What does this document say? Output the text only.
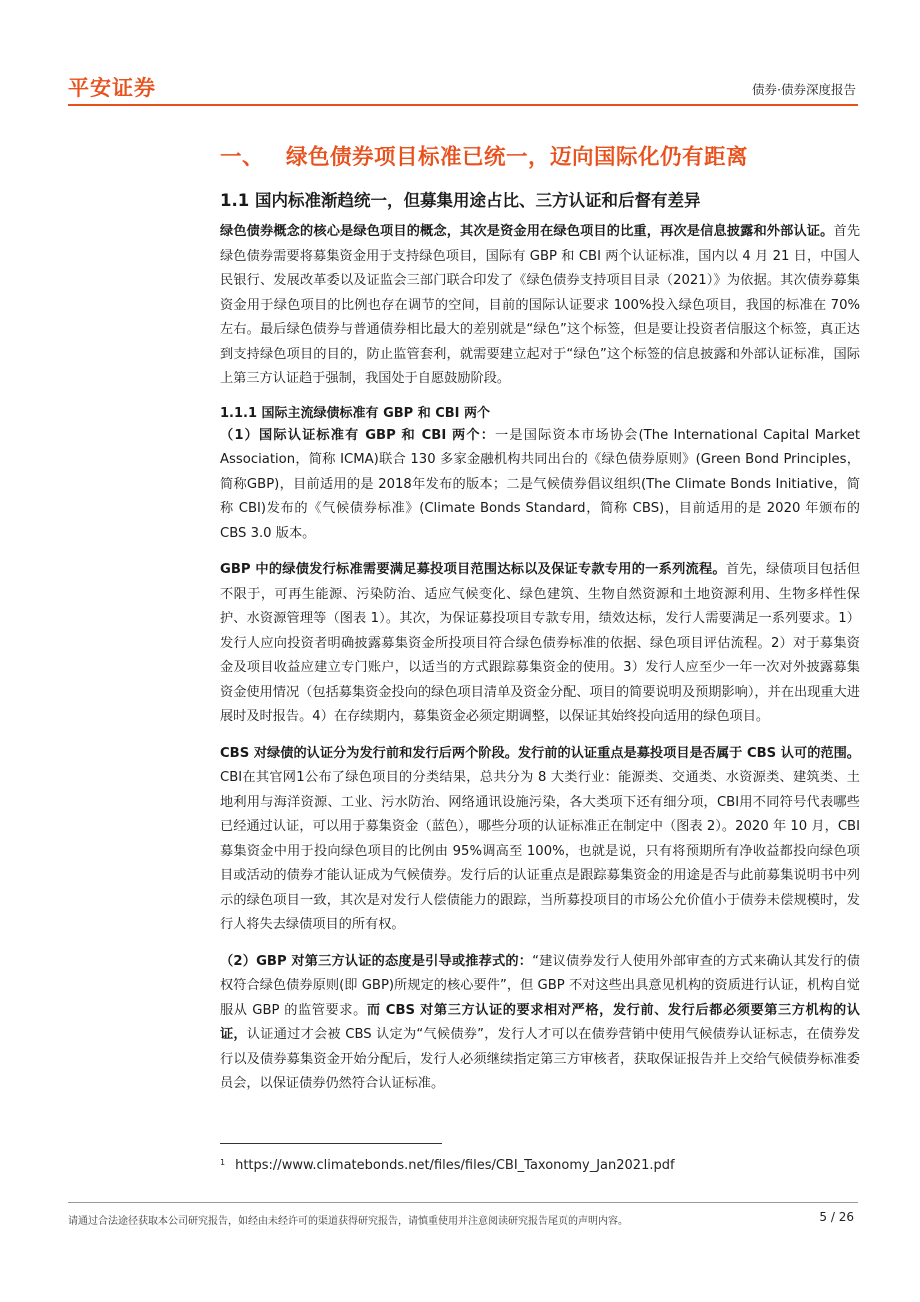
平安证券	债券·债券深度报告
一、 绿色债券项目标准已统一，迈向国际化仍有距离
1.1 国内标准渐趋统一，但募集用途占比、三方认证和后督有差异

绿色债券概念的核心是绿色项目的概念，其次是资金用在绿色项目的比重，再次是信息披露和外部认证。首先绿色债券需要将募集资金用于支持绿色项目，国际有 GBP 和 CBI 两个认证标准，国内以 4 月 21 日，中国人民银行、发展改革委以及证监会三部门联合印发了《绿色债券支持项目目录（2021）》为依据。其次债券募集资金用于绿色项目的比例也存在调节的空间，目前的国际认证要求 100%投入绿色项目，我国的标准在 70%左右。最后绿色债券与普通债券相比最大的差别就是“绿色”这个标签，但是要让投资者信服这个标签，真正达到支持绿色项目的目的，防止监管套利，就需要建立起对于“绿色”这个标签的信息披露和外部认证标准，国际上第三方认证趋于强制，我国处于自愿鼓励阶段。

1.1.1 国际主流绿债标准有 GBP 和 CBI 两个

（1）国际认证标准有 GBP 和 CBI 两个：一是国际资本市场协会(The International Capital Market Association，简称 ICMA)联合 130 多家金融机构共同出台的《绿色债券原则》(Green Bond Principles，简称GBP)，目前适用的是 2018年发布的版本；二是气候债券倡议组织(The Climate Bonds Initiative，简称 CBI)发布的《气候债券标准》(Climate Bonds Standard，简称 CBS)，目前适用的是 2020 年颁布的 CBS 3.0 版本。

GBP 中的绿债发行标准需要满足募投项目范围达标以及保证专款专用的一系列流程。首先，绿债项目包括但不限于，可再生能源、污染防治、适应气候变化、绿色建筑、生物自然资源和土地资源利用、生物多样性保护、水资源管理等（图表 1）。其次，为保证募投项目专款专用，绩效达标，发行人需要满足一系列要求。1）发行人应向投资者明确披露募集资金所投项目符合绿色债券标准的依据、绿色项目评估流程。2）对于募集资金及项目收益应建立专门账户，以适当的方式跟踪募集资金的使用。3）发行人应至少一年一次对外披露募集资金使用情况（包括募集资金投向的绿色项目清单及资金分配、项目的简要说明及预期影响），并在出现重大进展时及时报告。4）在存续期内，募集资金必须定期调整，以保证其始终投向适用的绿色项目。

CBS 对绿债的认证分为发行前和发行后两个阶段。发行前的认证重点是募投项目是否属于 CBS 认可的范围。CBI在其官网1公布了绿色项目的分类结果，总共分为 8 大类行业：能源类、交通类、水资源类、建筑类、土地利用与海洋资源、工业、污水防治、网络通讯设施污染，各大类项下还有细分项，CBI用不同符号代表哪些已经通过认证，可以用于募集资金（蓝色），哪些分项的认证标准正在制定中（图表 2）。2020 年 10 月，CBI 募集资金中用于投向绿色项目的比例由 95%调高至 100%，也就是说，只有将预期所有净收益都投向绿色项目或活动的债券才能认证成为气候债券。发行后的认证重点是跟踪募集资金的用途是否与此前募集说明书中列示的绿色项目一致，其次是对发行人偿债能力的跟踪，当所募投项目的市场公允价值小于债券未偿规模时，发行人将失去绿债项目的所有权。

（2）GBP 对第三方认证的态度是引导或推荐式的：“建议债券发行人使用外部审查的方式来确认其发行的债权符合绿色债券原则(即 GBP)所规定的核心要件”，但 GBP 不对这些出具意见机构的资质进行认证，机构自觉服从 GBP 的监管要求。而 CBS 对第三方认证的要求相对严格，发行前、发行后都必须要第三方机构的认证，认证通过才会被 CBS 认定为“气候债券”，发行人才可以在债券营销中使用气候债券认证标志，在债券发行以及债券募集资金开始分配后，发行人必须继续指定第三方审核者，获取保证报告并上交给气候债券标准委员会，以保证债券仍然符合认证标准。

$^1$ https://www.climatebonds.net/files/files/CBI_Taxonomy_Jan2021.pdf
请通过合法途径获取本公司研究报告，如经由未经许可的渠道获得研究报告，请慎重使用并注意阅读研究报告尾页的声明内容。	5 / 26
